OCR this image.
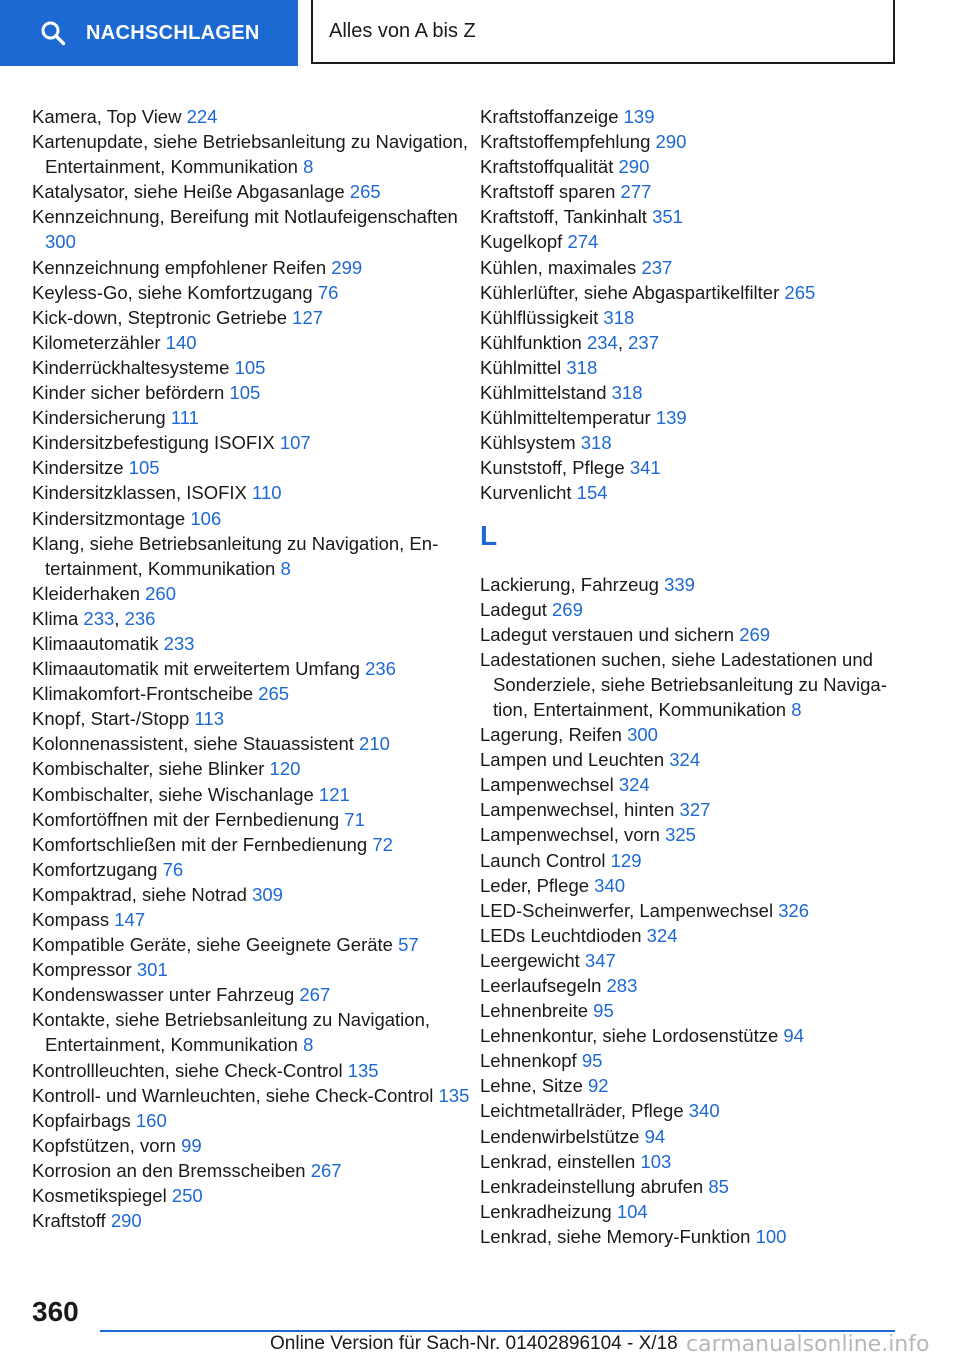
NACHSCHLAGEN	Alles von A bis Z
Kamera, Top View 224
Kartenupdate, siehe Betriebsanleitung zu Navigation, Entertainment, Kommunikation 8
Katalysator, siehe Heiße Abgasanlage 265
Kennzeichnung, Bereifung mit Notlaufeigenschaften 300
Kennzeichnung empfohlener Reifen 299
Keyless-Go, siehe Komfortzugang 76
Kick-down, Steptronic Getriebe 127
Kilometerzähler 140
Kinderrückhaltesysteme 105
Kinder sicher befördern 105
Kindersicherung 111
Kindersitzbefestigung ISOFIX 107
Kindersitze 105
Kindersitzklassen, ISOFIX 110
Kindersitzmontage 106
Klang, siehe Betriebsanleitung zu Navigation, Entertainment, Kommunikation 8
Kleiderhaken 260
Klima 233, 236
Klimaautomatik 233
Klimaautomatik mit erweitertem Umfang 236
Klimakomfort-Frontscheibe 265
Knopf, Start-/Stopp 113
Kolonnenassistent, siehe Stauassistent 210
Kombischalter, siehe Blinker 120
Kombischalter, siehe Wischanlage 121
Komfortöffnen mit der Fernbedienung 71
Komfortschließen mit der Fernbedienung 72
Komfortzugang 76
Kompaktrad, siehe Notrad 309
Kompass 147
Kompatible Geräte, siehe Geeignete Geräte 57
Kompressor 301
Kondenswasser unter Fahrzeug 267
Kontakte, siehe Betriebsanleitung zu Navigation, Entertainment, Kommunikation 8
Kontrollleuchten, siehe Check-Control 135
Kontroll- und Warnleuchten, siehe Check-Control 135
Kopfairbags 160
Kopfstützen, vorn 99
Korrosion an den Bremsscheiben 267
Kosmetikspiegel 250
Kraftstoff 290
Kraftstoffanzeige 139
Kraftstoffempfehlung 290
Kraftstoffqualität 290
Kraftstoff sparen 277
Kraftstoff, Tankinhalt 351
Kugelkopf 274
Kühlen, maximales 237
Kühlerlüfter, siehe Abgaspartikelfilter 265
Kühlflüssigkeit 318
Kühlfunktion 234, 237
Kühlmittel 318
Kühlmittelstand 318
Kühlmitteltemperatur 139
Kühlsystem 318
Kunststoff, Pflege 341
Kurvenlicht 154
L
Lackierung, Fahrzeug 339
Ladegut 269
Ladegut verstauen und sichern 269
Ladestationen suchen, siehe Ladestationen und Sonderziele, siehe Betriebsanleitung zu Navigation, Entertainment, Kommunikation 8
Lagerung, Reifen 300
Lampen und Leuchten 324
Lampenwechsel 324
Lampenwechsel, hinten 327
Lampenwechsel, vorn 325
Launch Control 129
Leder, Pflege 340
LED-Scheinwerfer, Lampenwechsel 326
LEDs Leuchtdioden 324
Leergewicht 347
Leerlaufsegeln 283
Lehnenbreite 95
Lehnenkontur, siehe Lordosenstütze 94
Lehnenkopf 95
Lehne, Sitze 92
Leichtmetallräder, Pflege 340
Lendenwirbelstütze 94
Lenkrad, einstellen 103
Lenkradeinstellung abrufen 85
Lenkradheizung 104
Lenkrad, siehe Memory-Funktion 100
360
Online Version für Sach-Nr. 01402896104 - X/18 carmanualsonline.info
